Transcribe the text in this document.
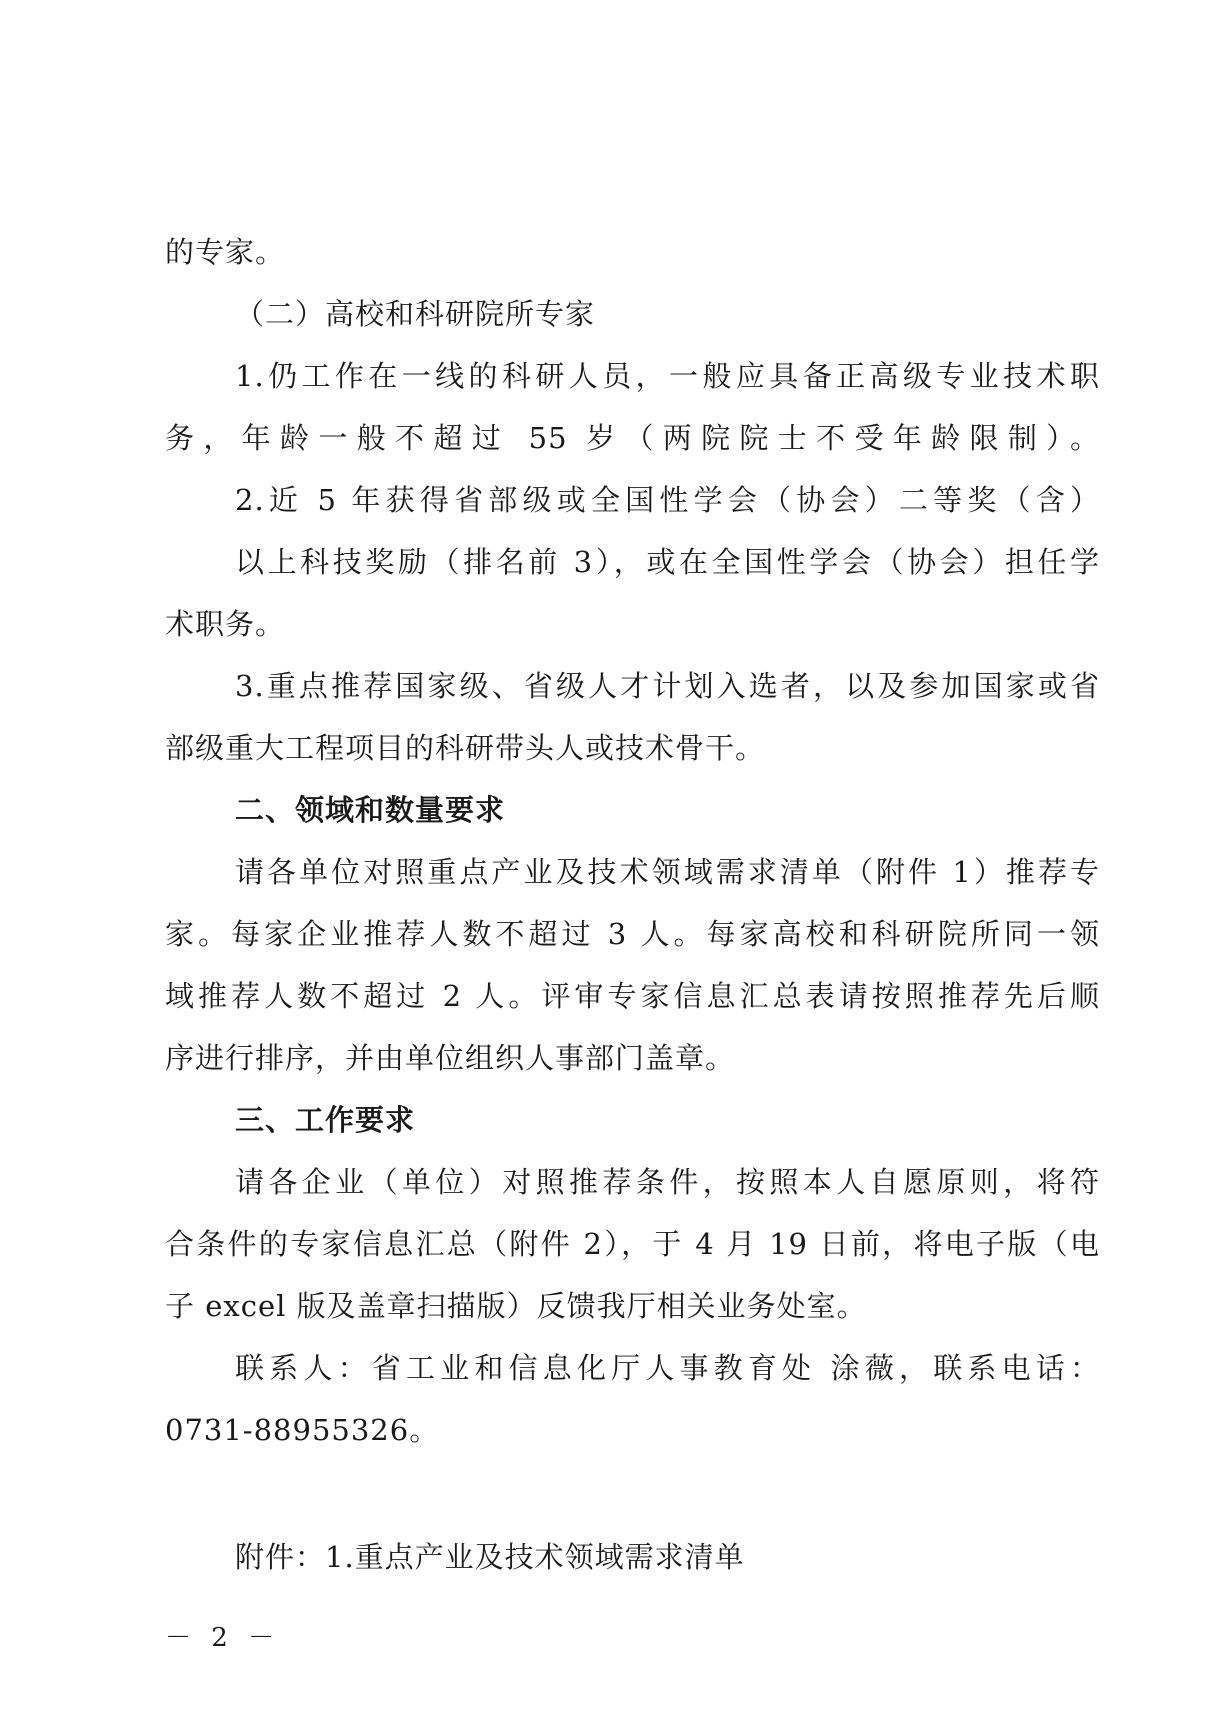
的专家。
（二）高校和科研院所专家
1.仍工作在一线的科研人员，一般应具备正高级专业技术职
务，年龄一般不超过 55 岁（两院院士不受年龄限制）。
2.近 5 年获得省部级或全国性学会（协会）二等奖（含）
以上科技奖励（排名前 3），或在全国性学会（协会）担任学
术职务。
3.重点推荐国家级、省级人才计划入选者，以及参加国家或省
部级重大工程项目的科研带头人或技术骨干。
二、领域和数量要求
请各单位对照重点产业及技术领域需求清单（附件 1）推荐专
家。每家企业推荐人数不超过 3 人。每家高校和科研院所同一领
域推荐人数不超过 2 人。评审专家信息汇总表请按照推荐先后顺
序进行排序，并由单位组织人事部门盖章。
三、工作要求
请各企业（单位）对照推荐条件，按照本人自愿原则，将符
合条件的专家信息汇总（附件 2），于 4 月 19 日前，将电子版（电
子 excel 版及盖章扫描版）反馈我厅相关业务处室。
联系人：省工业和信息化厅人事教育处 涂薇，联系电话：
0731-88955326。
附件：1.重点产业及技术领域需求清单
－ 2 －
